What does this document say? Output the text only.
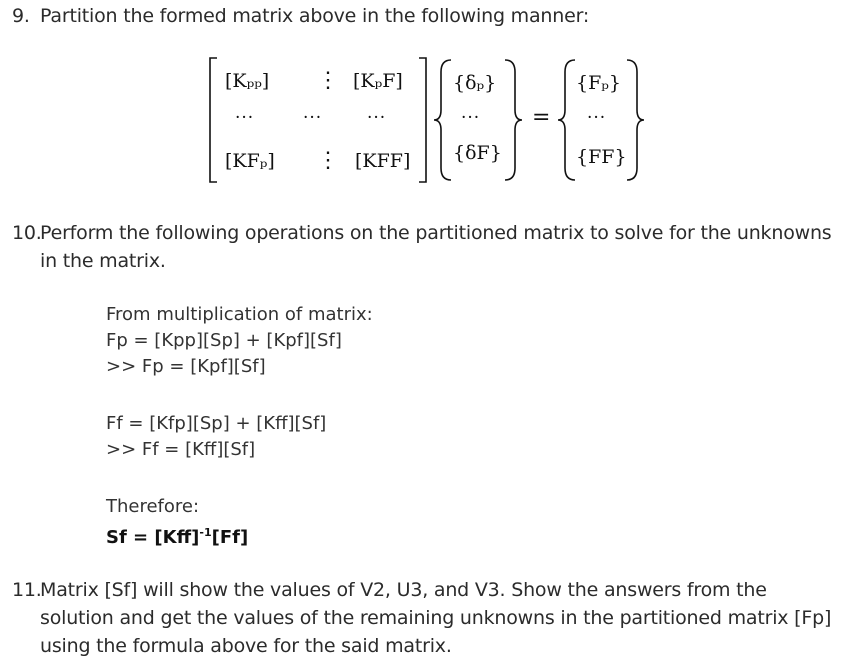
9. Partition the formed matrix above in the following manner:
[Kₚₚ] ⋮ [KₚF]
···	···	···
[KFₚ] ⋮ [KFF]
{δₚ}
···
{δF}
=
{Fₚ}
···
{FF}
10.
Perform the following operations on the partitioned matrix to solve for the unknowns in the matrix.
From multiplication of matrix:
Fp = [Kpp][Sp] + [Kpf][Sf]
>> Fp = [Kpf][Sf]
Ff = [Kfp][Sp] + [Kff][Sf]
>> Ff = [Kff][Sf]
Therefore:
Sf = [Kff]$^{-1}$[Ff]
11.
Matrix [Sf] will show the values of V2, U3, and V3. Show the answers from the solution and get the values of the remaining unknowns in the partitioned matrix [Fp] using the formula above for the said matrix.
